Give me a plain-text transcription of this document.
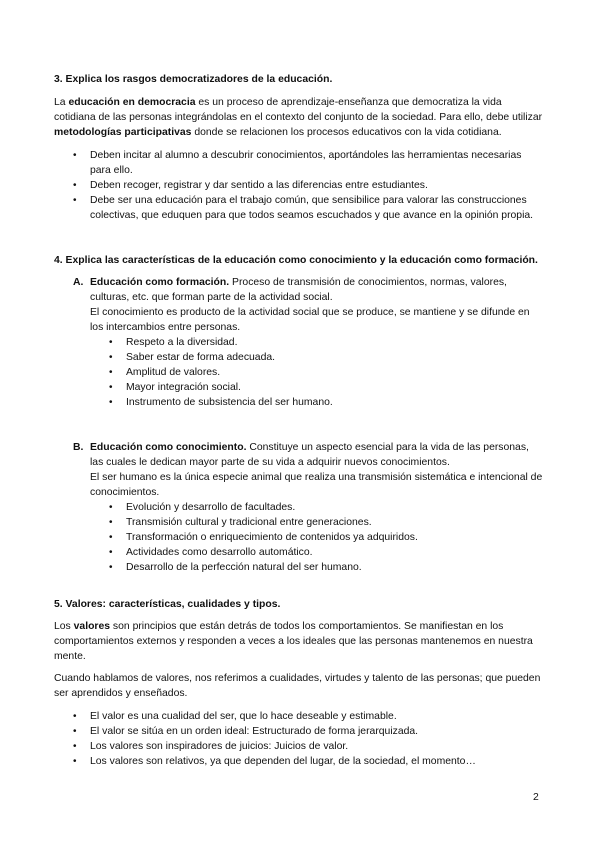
3. Explica los rasgos democratizadores de la educación.

La educación en democracia es un proceso de aprendizaje-enseñanza que democratiza la vida cotidiana de las personas integrándolas en el contexto del conjunto de la sociedad. Para ello, debe utilizar metodologías participativas donde se relacionen los procesos educativos con la vida cotidiana.

• Deben incitar al alumno a descubrir conocimientos, aportándoles las herramientas necesarias para ello.
• Deben recoger, registrar y dar sentido a las diferencias entre estudiantes.
• Debe ser una educación para el trabajo común, que sensibilice para valorar las construcciones colectivas, que eduquen para que todos seamos escuchados y que avance en la opinión propia.
4. Explica las características de la educación como conocimiento y la educación como formación.
A. Educación como formación. Proceso de transmisión de conocimientos, normas, valores, culturas, etc. que forman parte de la actividad social.
El conocimiento es producto de la actividad social que se produce, se mantiene y se difunde en los intercambios entre personas.
• Respeto a la diversidad.
• Saber estar de forma adecuada.
• Amplitud de valores.
• Mayor integración social.
• Instrumento de subsistencia del ser humano.
B. Educación como conocimiento. Constituye un aspecto esencial para la vida de las personas, las cuales le dedican mayor parte de su vida a adquirir nuevos conocimientos.
El ser humano es la única especie animal que realiza una transmisión sistemática e intencional de conocimientos.
• Evolución y desarrollo de facultades.
• Transmisión cultural y tradicional entre generaciones.
• Transformación o enriquecimiento de contenidos ya adquiridos.
• Actividades como desarrollo automático.
• Desarrollo de la perfección natural del ser humano.
5. Valores: características, cualidades y tipos.

Los valores son principios que están detrás de todos los comportamientos. Se manifiestan en los comportamientos externos y responden a veces a los ideales que las personas mantenemos en nuestra mente.

Cuando hablamos de valores, nos referimos a cualidades, virtudes y talento de las personas; que pueden ser aprendidos y enseñados.

• El valor es una cualidad del ser, que lo hace deseable y estimable.
• El valor se sitúa en un orden ideal: Estructurado de forma jerarquizada.
• Los valores son inspiradores de juicios: Juicios de valor.
• Los valores son relativos, ya que dependen del lugar, de la sociedad, el momento…
2
